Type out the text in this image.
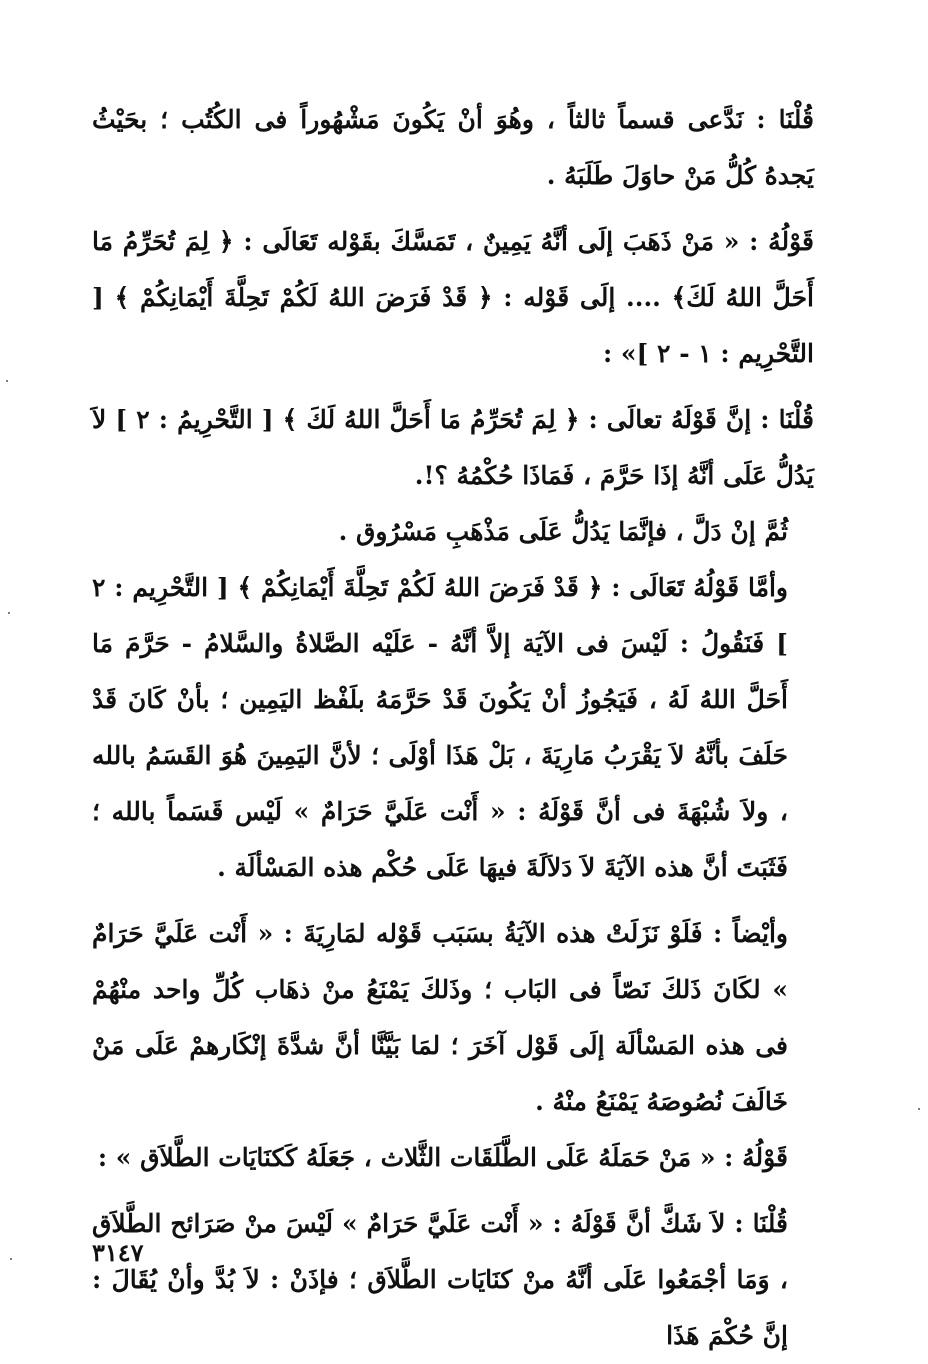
قُلْنَا : نَدَّعى قسماً ثالثاً ، وهُوَ أنْ يَكُونَ مَشْهُوراً فى الكُتُب ؛ بحَيْثُ يَجدهُ كُلُّ مَنْ حاوَلَ طَلَبَهُ .

قَوْلُهُ : « مَنْ ذَهَبَ إلَى أنَّهُ يَمِينٌ ، تَمَسَّكَ بقَوْله تَعَالَى : ﴿ لِمَ تُحَرِّمُ مَا أَحَلَّ اللهُ لَكَ﴾ .... إلَى قَوْله : ﴿ قَدْ فَرَضَ اللهُ لَكُمْ تَحِلَّةَ أَيْمَانِكُمْ ﴾ [ التَّحْرِيم : ١ - ٢ ]» :

قُلْنَا : إنَّ قَوْلَهُ تعالَى : ﴿ لِمَ تُحَرِّمُ مَا أَحَلَّ اللهُ لَكَ ﴾ [ التَّحْرِيمُ : ٢ ] لاَ يَدُلُّ عَلَى أنَّهُ إذَا حَرَّمَ ، فَمَاذَا حُكْمُهُ ؟!.

ثُمَّ إنْ دَلَّ ، فإنَّمَا يَدُلُّ عَلَى مَذْهَبِ مَسْرُوق .

وأمَّا قَوْلُهُ تَعَالَى : ﴿ قَدْ فَرَضَ اللهُ لَكُمْ تَحِلَّةَ أَيْمَانِكُمْ ﴾ [ التَّحْرِيم : ٢ ] فَنَقُولُ : لَيْسَ فى الآيَة إلاَّ أنَّهُ - عَلَيْه الصَّلاةُ والسَّلامُ - حَرَّمَ مَا أَحَلَّ اللهُ لَهُ ، فَيَجُوزُ أنْ يَكُونَ قَدْ حَرَّمَهُ بلَفْظ اليَمِين ؛ بأنْ كَانَ قَدْ حَلَفَ بأنَّهُ لاَ يَقْرَبُ مَارِيَةَ ، بَلْ هَذَا أوْلَى ؛ لأنَّ اليَمِينَ هُوَ القَسَمُ بالله ، ولاَ شُبْهَةَ فى أنَّ قَوْلَهُ : « أَنْت عَلَيَّ حَرَامٌ » لَيْس قَسَماً بالله ؛ فَثَبَتَ أنَّ هذه الآيَةَ لاَ دَلاَلَةَ فيهَا عَلَى حُكْم هذه المَسْألَة .

وأيْضاً : فَلَوْ نَزَلَتْ هذه الآيَةُ بسَبَب قَوْله لمَارِيَةَ : « أَنْت عَلَيَّ حَرَامٌ » لكَانَ ذَلكَ نَصّاً فى البَاب ؛ وذَلكَ يَمْنَعُ منْ ذهَاب كُلِّ واحد منْهُمْ فى هذه المَسْألَة إلَى قَوْل آخَرَ ؛ لمَا بَيَّنَّا أنَّ شدَّةَ إنْكَارهمْ عَلَى مَنْ خَالَفَ نُصُوصَهُ يَمْنَعُ منْهُ .

قَوْلُهُ : « مَنْ حَمَلَهُ عَلَى الطَّلَقَات الثَّلاث ، جَعَلَهُ كَكنَايَات الطَّلاَق » :

قُلْنَا : لاَ شَكَّ أنَّ قَوْلَهُ : « أَنْت عَلَيَّ حَرَامٌ » لَيْسَ منْ صَرَائح الطَّلاَق ، وَمَا أجْمَعُوا عَلَى أنَّهُ منْ كنَايَات الطَّلاَق ؛ فإذَنْ : لاَ بُدَّ وأنْ يُقَالَ : إنَّ حُكْمَ هَذَا

٣١٤٧
